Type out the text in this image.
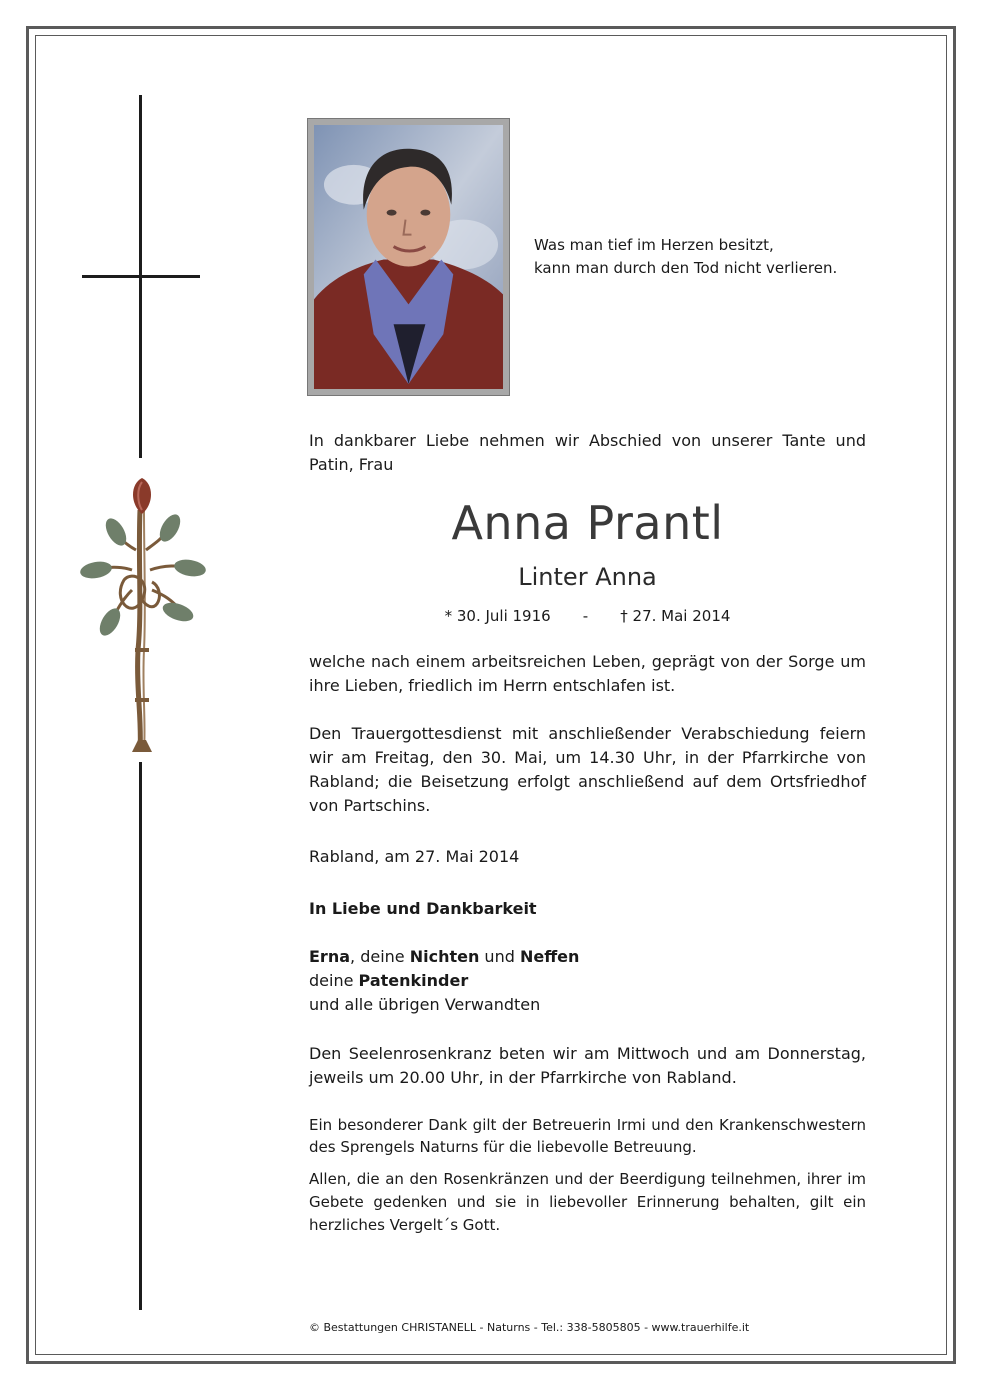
Was man tief im Herzen besitzt,
kann man durch den Tod nicht verlieren.
In dankbarer Liebe nehmen wir Abschied von unserer Tante und
Patin, Frau
Anna Prantl
Linter Anna
* 30. Juli 1916 - † 27. Mai 2014
welche nach einem arbeitsreichen Leben, geprägt von der Sorge um
ihre Lieben, friedlich im Herrn entschlafen ist.
Den Trauergottesdienst mit anschließender Verabschiedung feiern
wir am Freitag, den 30. Mai, um 14.30 Uhr, in der Pfarrkirche von
Rabland; die Beisetzung erfolgt anschließend auf dem Ortsfriedhof
von Partschins.
Rabland, am 27. Mai 2014
In Liebe und Dankbarkeit
Erna, deine Nichten und Neffen
deine Patenkinder
und alle übrigen Verwandten
Den Seelenrosenkranz beten wir am Mittwoch und am Donnerstag,
jeweils um 20.00 Uhr, in der Pfarrkirche von Rabland.
Ein besonderer Dank gilt der Betreuerin Irmi und den Krankenschwestern
des Sprengels Naturns für die liebevolle Betreuung.
Allen, die an den Rosenkränzen und der Beerdigung teilnehmen, ihrer im
Gebete gedenken und sie in liebevoller Erinnerung behalten, gilt ein
herzliches Vergelt´s Gott.
© Bestattungen CHRISTANELL - Naturns - Tel.: 338-5805805 - www.trauerhilfe.it
